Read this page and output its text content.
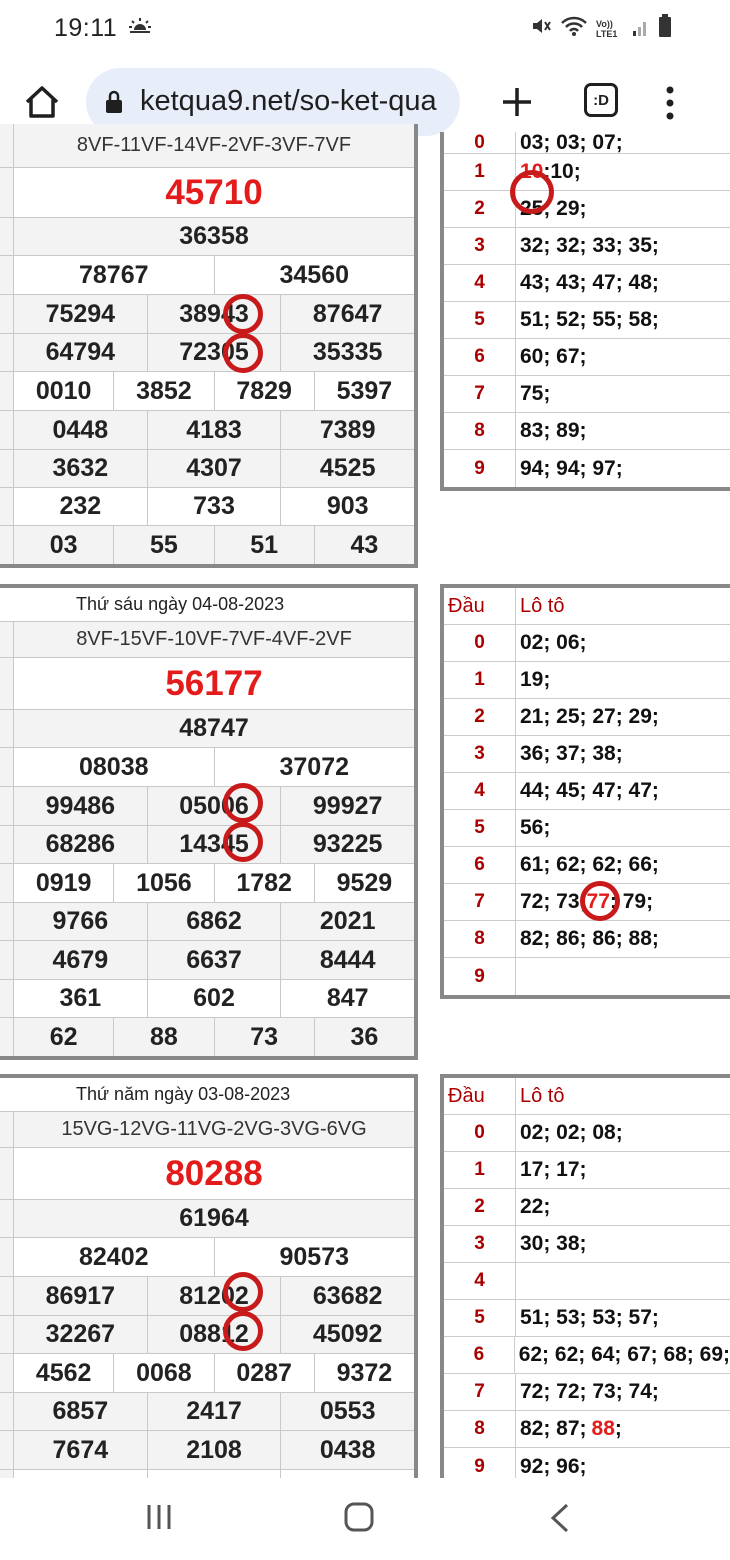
19:11	Vo))
LTE1
ketqua9.net/so-ket-qua	:D
8VF-11VF-14VF-2VF-3VF-7VF
45710
36358
78767	34560
75294	38943	87647
64794	72305	35335
0010	3852	7829	5397
0448	4183	7389
3632	4307	4525
232	733	903
03	55	51	43
0	03; 03; 07;
1	10 ;10;
2	25; 29;
3	32; 32; 33; 35;
4	43; 43; 47; 48;
5	51; 52; 55; 58;
6	60; 67;
7	75;
8	83; 89;
9	94; 94; 97;
Thứ sáu ngày 04-08-2023
8VF-15VF-10VF-7VF-4VF-2VF
56177
48747
08038	37072
99486	05006	99927
68286	14345	93225
0919	1056	1782	9529
9766	6862	2021
4679	6637	8444
361	602	847
62	88	73	36
Đầu	Lô tô
0	02; 06;
1	19;
2	21; 25; 27; 29;
3	36; 37; 38;
4	44; 45; 47; 47;
5	56;
6	61; 62; 62; 66;
7	72; 73; 77 ; 79;
8	82; 86; 86; 88;
9
Thứ năm ngày 03-08-2023
15VG-12VG-11VG-2VG-3VG-6VG
80288
61964
82402	90573
86917	81202	63682
32267	08812	45092
4562	0068	0287	9372
6857	2417	0553
7674	2108	0438
Đầu	Lô tô
0	02; 02; 08;
1	17; 17;
2	22;
3	30; 38;
4
5	51; 53; 53; 57;
6	62; 62; 64; 67; 68; 69;
7	72; 72; 73; 74;
8	82; 87; 88 ;
9	92; 96;
